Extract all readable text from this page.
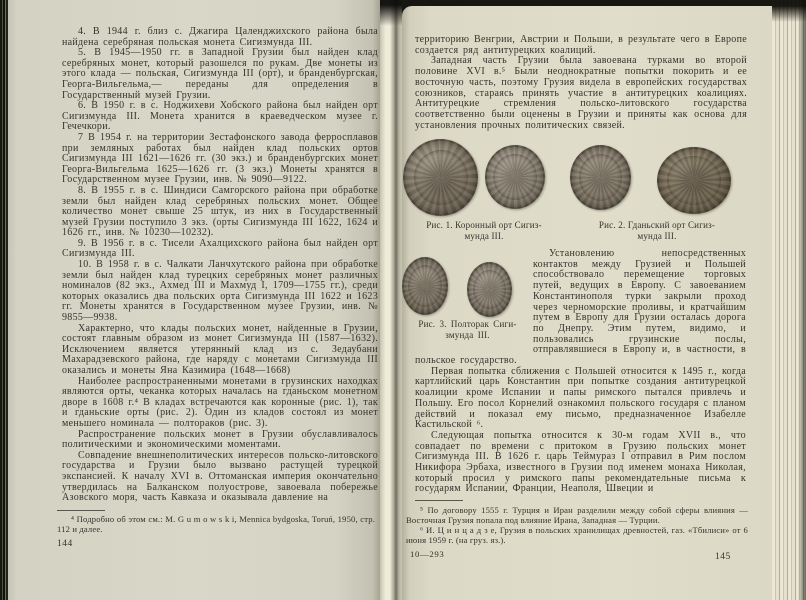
4. В 1944 г. близ с. Джагира Цаленджихского района была найдена серебряная польская монета Сигизмунда III.

5. В 1945—1950 гг. в Западной Грузии был найден клад серебряных монет, который разошелся по рукам. Две монеты из этого клада — польская, Сигизмунда III (орт), и бранденбургская, Георга-Вильгельма,— переданы для определения в Государственный музей Грузии.

6. В 1950 г. в с. Ноджихеви Хобского района был найден орт Сигизмунда III. Монета хранится в краеведческом музее г. Гечечкори.

7 В 1954 г. на территории Зестафонского завода ферросплавов при земляных работах был найден клад польских ортов Сигизмунда III 1621—1626 гг. (30 экз.) и бранденбургских монет Георга-Вильгельма 1625—1626 гг. (3 экз.) Монеты хранятся в Государственном музее Грузии, инв. № 9090—9122.

8. В 1955 г. в с. Шиндиси Самгорского района при обработке земли был найден клад серебряных польских монет. Общее количество монет свыше 25 штук, из них в Государственный музей Грузии поступило 3 экз. (орты Сигизмунда III 1622, 1624 и 1626 гг., инв. № 10230—10232).

9. В 1956 г. в с. Тисели Ахалцихского района был найден орт Сигизмунда III.

10. В 1958 г. в с. Чалкати Ланчхутского района при обработке земли был найден клад турецких серебряных монет различных номиналов (82 экз., Ахмед III и Махмуд I, 1709—1755 гг.), среди которых оказались два польских орта Сигизмунда III 1622 и 1623 гг. Монеты хранятся в Государственном музее Грузии, инв. № 9855—9938.

Характерно, что клады польских монет, найденные в Грузии, состоят главным образом из монет Сигизмунда III (1587—1632). Исключением является утерянный клад из с. Зедаубани Махарадзевского района, где наряду с монетами Сигизмунда III оказались и монеты Яна Казимира (1648—1668)

Наиболее распространенными монетами в грузинских находках являются орты, чеканка которых началась на гданьском монетном дворе в 1608 г.⁴ В кладах встречаются как коронные (рис. 1), так и гданьские орты (рис. 2). Один из кладов состоял из монет меньшего номинала — полтораков (рис. 3).

Распространение польских монет в Грузии обуславливалось политическими и экономическими моментами.

Совпадение внешнеполитических интересов польско-литовского государства и Грузии было вызвано растущей турецкой экспансией. К началу XVI в. Оттоманская империя окончательно утвердилась на Балканском полуострове, завоевала побережье Азовского моря, часть Кавказа и оказывала давление на

⁴ Подробно об этом см.: M. G u m o w s k i, Mennica bydgoska, Toruń, 1950, стр. 112 и далее.
144

территорию Венгрии, Австрии и Польши, в результате чего в Европе создается ряд антитурецких коалиций.

Западная часть Грузии была завоевана турками во второй половине XVI в.⁵ Были неоднократные попытки покорить и ее восточную часть, поэтому Грузия видела в европейских государствах союзников, стараясь принять участие в антитурецких коалициях. Антитурецкие стремления польско-литовского государства соответственно были оценены в Грузии и приняты как основа для установления прочных политических связей.

Рис. 1. Коронный орт Сигиз-
мунда III.
Рис. 2. Гданьский орт Сигиз-
мунда III.
Рис. 3. Полторак Сиги-
змунда III.

Установлению непосредственных контактов между Грузией и Польшей способствовало перемещение торговых путей, ведущих в Европу. С завоеванием Константинополя турки закрыли проход через черноморские проливы, и кратчайшим путем в Европу для Грузии осталась дорога по Днепру. Этим путем, видимо, и пользовались грузинские послы, отправлявшиеся в Европу и, в частности, в польское государство.

Первая попытка сближения с Польшей относится к 1495 г., когда картлийский царь Константин при попытке создания антитурецкой коалиции кроме Испании и папы римского пытался привлечь и Польшу. Его посол Корнелий ознакомил польского государя с планом действий и показал ему письмо, предназначенное Изабелле Кастильской ⁶.

Следующая попытка относится к 30-м годам XVII в., что совпадает по времени с притоком в Грузию польских монет Сигизмунда III. В 1626 г. царь Теймураз I отправил в Рим послом Никифора Эрбаха, известного в Грузии под именем монаха Николая, который просил у римского папы рекомендательные письма к государям Испании, Франции, Неаполя, Швеции и

⁵ По договору 1555 г. Турция и Иран разделили между собой сферы влияния — Восточная Грузия попала под влияние Ирана, Западная — Турции.

⁶ И. Ц и н ц а д з е, Грузия в польских хранилищах древностей, газ. «Тбилиси» от 6 июня 1959 г. (на груз. яз.).

10—293	145
